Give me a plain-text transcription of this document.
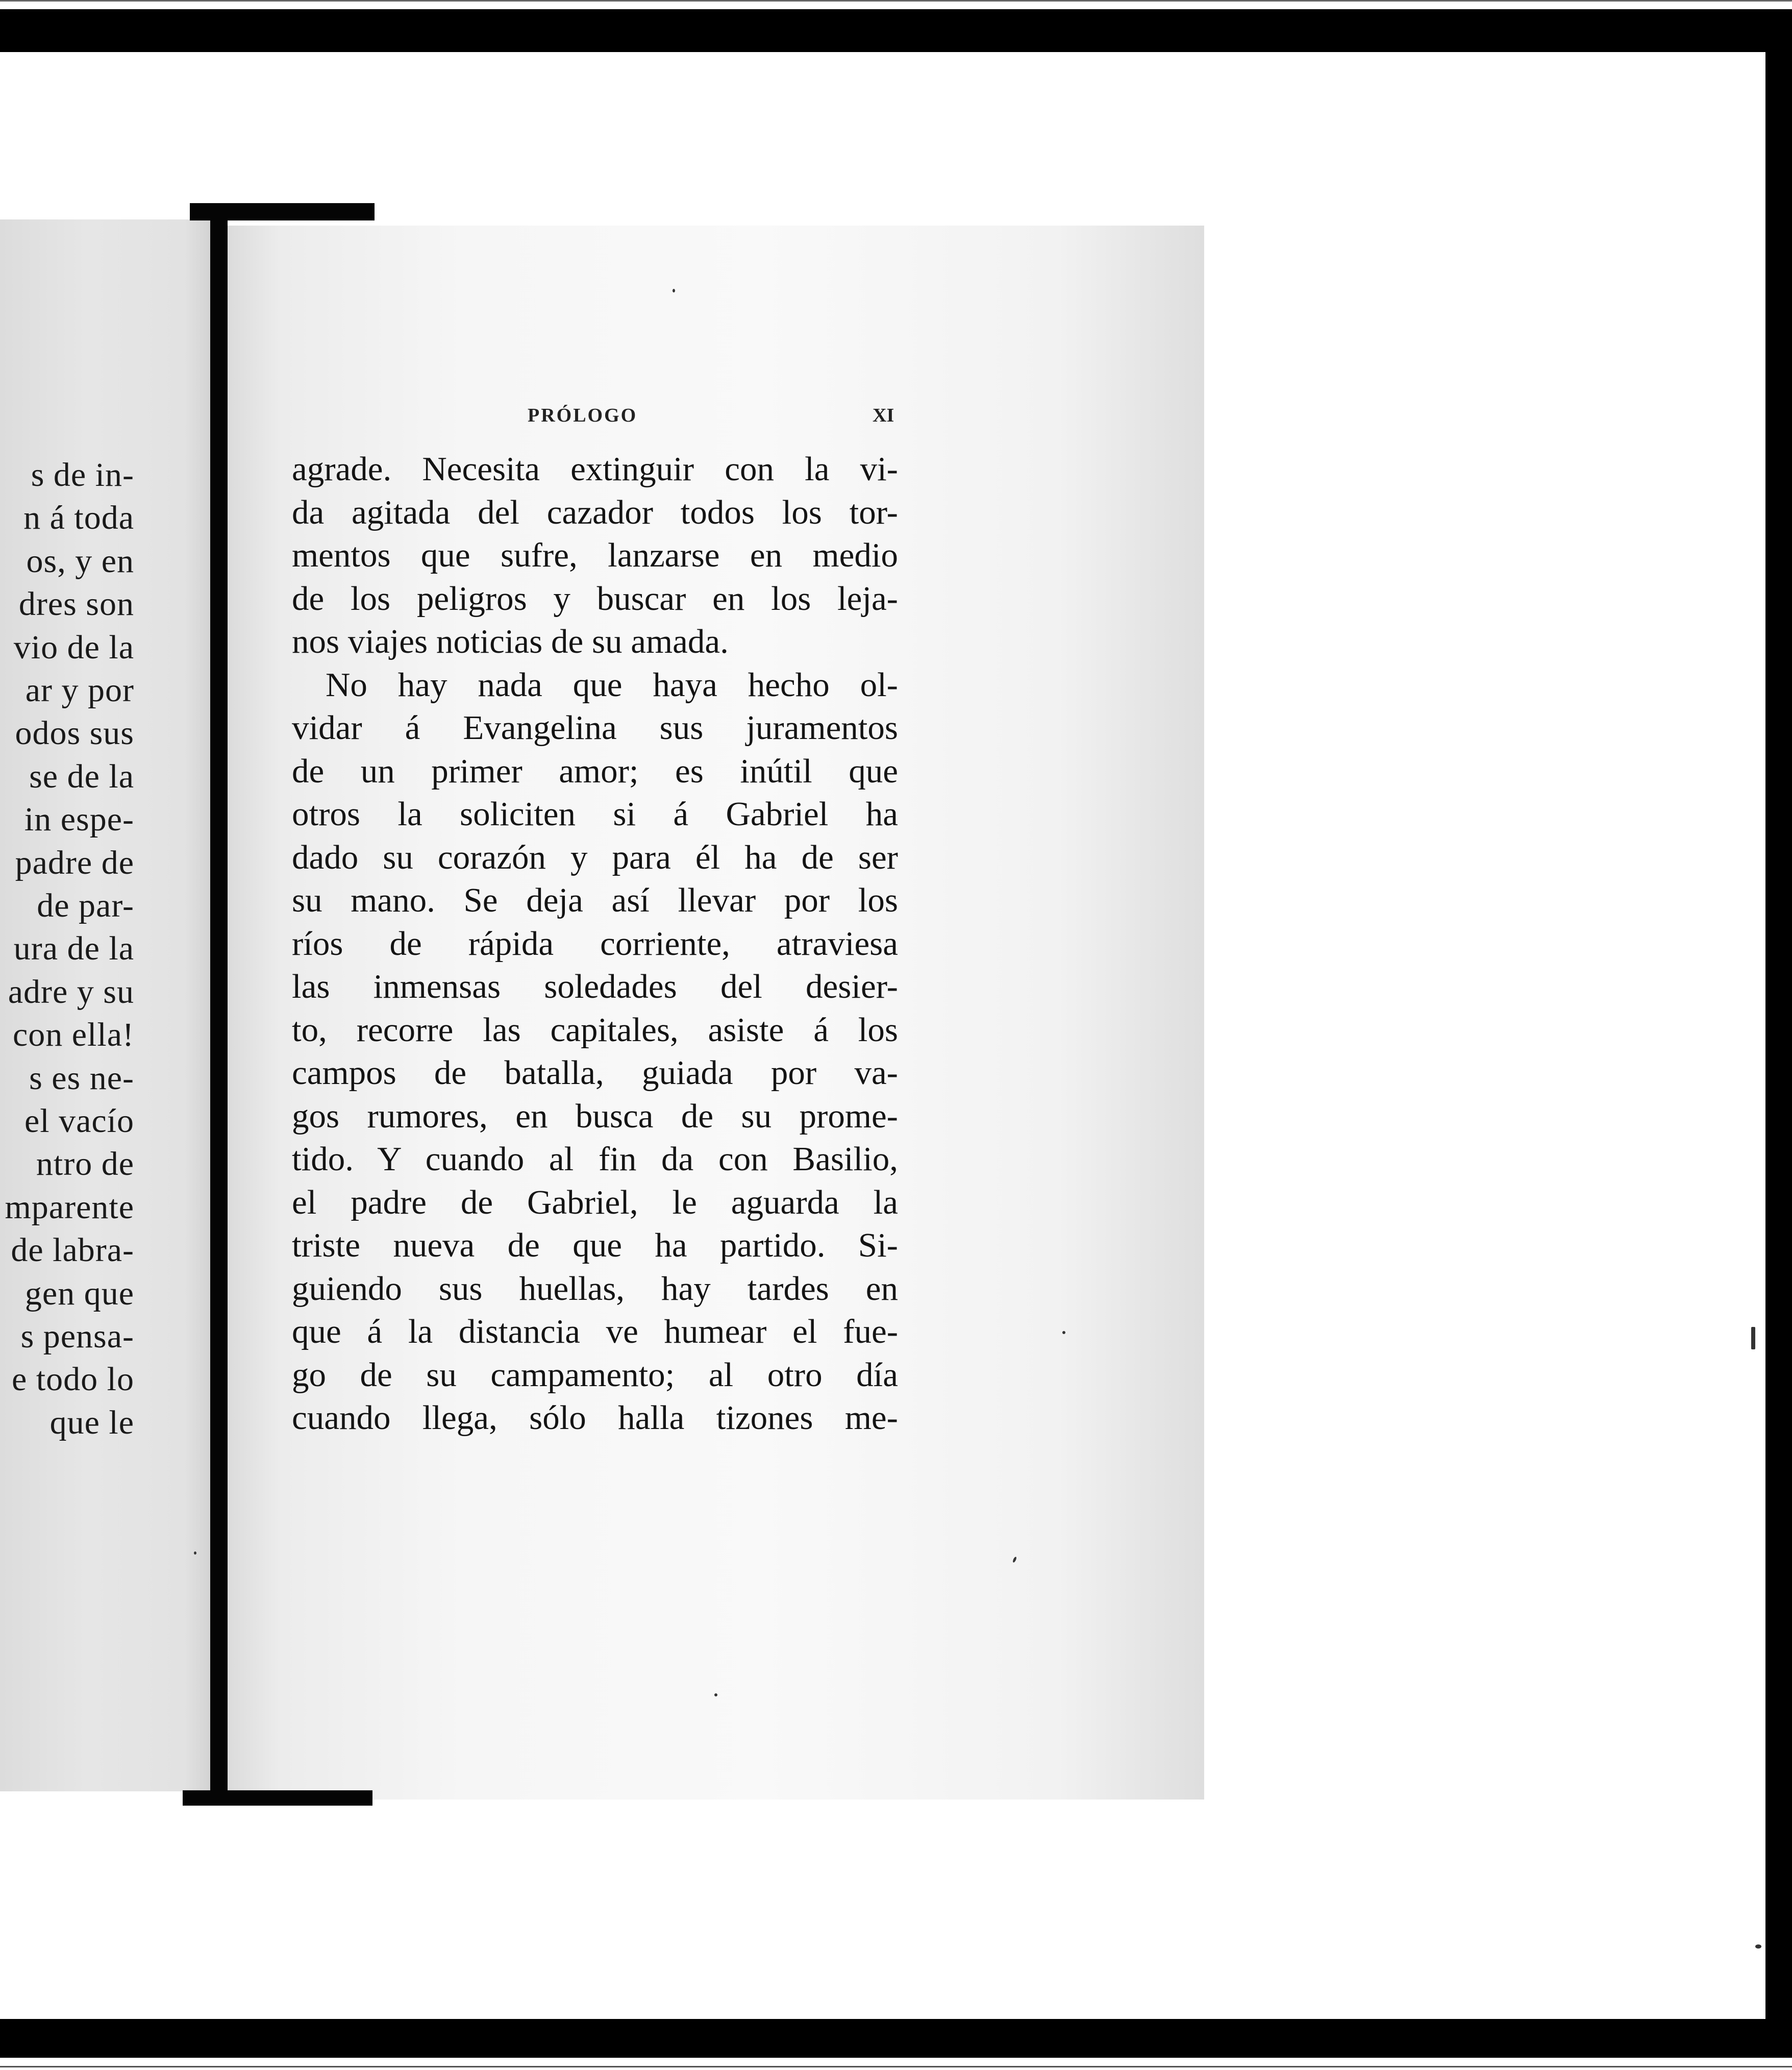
s de in-
n á toda
os, y en
dres son
vio de la
ar y por
odos sus
se de la
in espe-
padre de
de par-
ura de la
adre y su
con ella!
s es ne-
el vacío
ntro de
mparente
de labra-
gen que
s pensa-
e todo lo
que le
PRÓLOGO	XI
agrade. Necesita extinguir con la vi-
da agitada del cazador todos los tor-
mentos que sufre, lanzarse en medio
de los peligros y buscar en los leja-
nos viajes noticias de su amada.
No hay nada que haya hecho ol-
vidar á Evangelina sus juramentos
de un primer amor; es inútil que
otros la soliciten si á Gabriel ha
dado su corazón y para él ha de ser
su mano. Se deja así llevar por los
ríos de rápida corriente, atraviesa
las inmensas soledades del desier-
to, recorre las capitales, asiste á los
campos de batalla, guiada por va-
gos rumores, en busca de su prome-
tido. Y cuando al fin da con Basilio,
el padre de Gabriel, le aguarda la
triste nueva de que ha partido. Si-
guiendo sus huellas, hay tardes en
que á la distancia ve humear el fue-
go de su campamento; al otro día
cuando llega, sólo halla tizones me-
